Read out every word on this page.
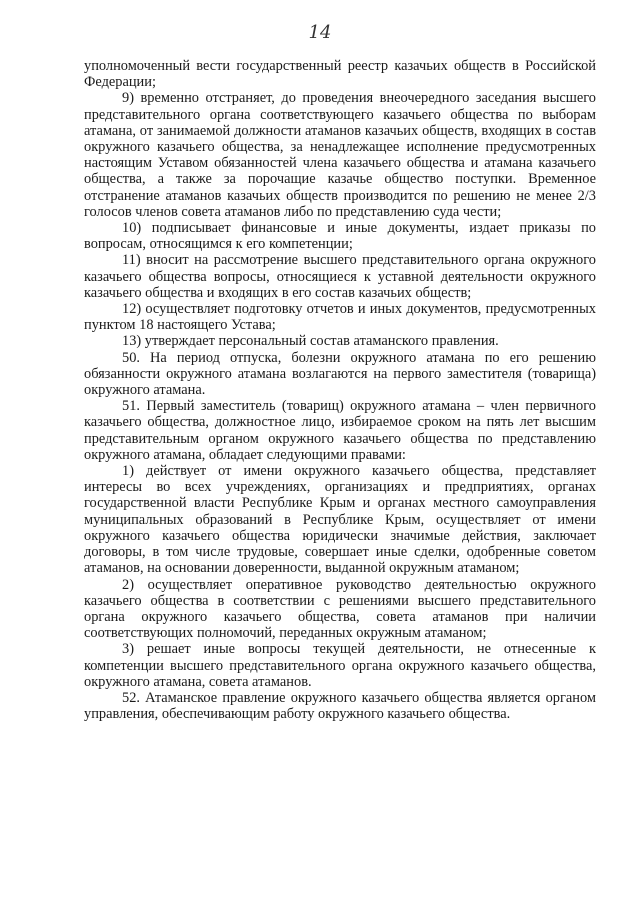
14

уполномоченный вести государственный реестр казачьих обществ в Российской Федерации;

9) временно отстраняет, до проведения внеочередного заседания высшего представительного органа соответствующего казачьего общества по выборам атамана, от занимаемой должности атаманов казачьих обществ, входящих в состав окружного казачьего общества, за ненадлежащее исполнение предусмотренных настоящим Уставом обязанностей члена казачьего общества и атамана казачьего общества, а также за порочащие казачье общество поступки. Временное отстранение атаманов казачьих обществ производится по решению не менее 2/3 голосов членов совета атаманов либо по представлению суда чести;

10) подписывает финансовые и иные документы, издает приказы по вопросам, относящимся к его компетенции;

11) вносит на рассмотрение высшего представительного органа окружного казачьего общества вопросы, относящиеся к уставной деятельности окружного казачьего общества и входящих в его состав казачьих обществ;

12) осуществляет подготовку отчетов и иных документов, предусмотренных пунктом 18 настоящего Устава;

13) утверждает персональный состав атаманского правления.

50. На период отпуска, болезни окружного атамана по его решению обязанности окружного атамана возлагаются на первого заместителя (товарища) окружного атамана.

51. Первый заместитель (товарищ) окружного атамана – член первичного казачьего общества, должностное лицо, избираемое сроком на пять лет высшим представительным органом окружного казачьего общества по представлению окружного атамана, обладает следующими правами:

1) действует от имени окружного казачьего общества, представляет интересы во всех учреждениях, организациях и предприятиях, органах государственной власти Республике Крым и органах местного самоуправления муниципальных образований в Республике Крым, осуществляет от имени окружного казачьего общества юридически значимые действия, заключает договоры, в том числе трудовые, совершает иные сделки, одобренные советом атаманов, на основании доверенности, выданной окружным атаманом;

2) осуществляет оперативное руководство деятельностью окружного казачьего общества в соответствии с решениями высшего представительного органа окружного казачьего общества, совета атаманов при наличии соответствующих полномочий, переданных окружным атаманом;

3) решает иные вопросы текущей деятельности, не отнесенные к компетенции высшего представительного органа окружного казачьего общества, окружного атамана, совета атаманов.

52. Атаманское правление окружного казачьего общества является органом управления, обеспечивающим работу окружного казачьего общества.
